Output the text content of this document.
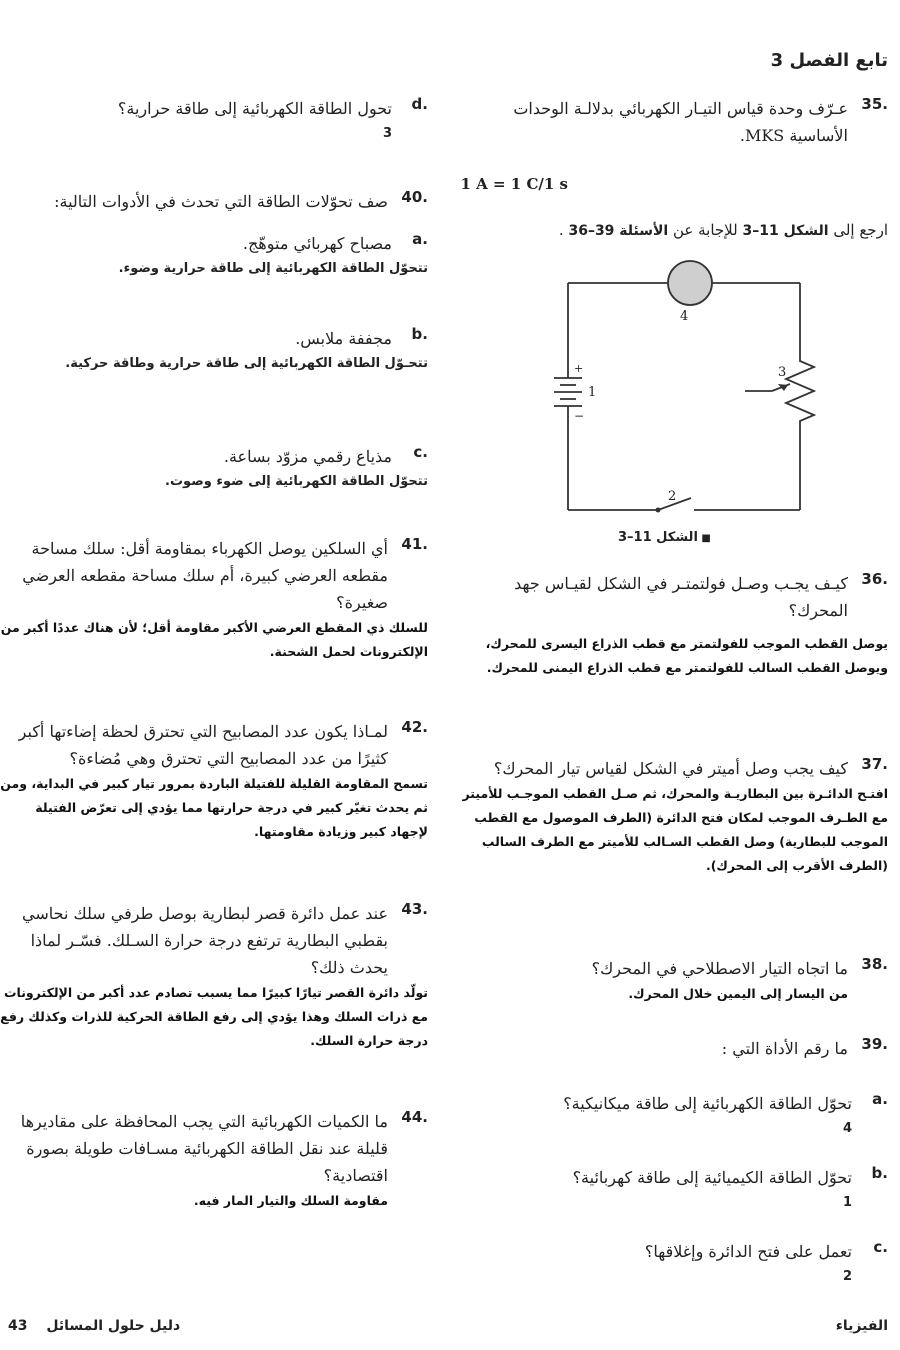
تابع الفصل 3
.35
عـرّف وحدة قياس التيـار الكهربائي بدلالـة الوحدات الأساسية MKS.
1 A = 1 C/1 s
ارجع إلى الشكل 11–3 للإجابة عن الأسئلة 39–36 .
.36
كيـف يجـب وصـل فولتمتـر في الشكل لقيـاس جهد المحرك؟
يوصل القطب الموجب للفولتمتر مع قطب الذراع اليسرى للمحرك، ويوصل القطب السالب للفولتمتر مع قطب الذراع اليمنى للمحرك.
.37
كيف يجب وصل أميتر في الشكل لقياس تيار المحرك؟
افتـح الدائـرة بين البطاريـة والمحرك، ثم صـل القطب الموجـب للأميتر مع الطـرف الموجب لمكان فتح الدائرة (الطرف الموصول مع القطب الموجب للبطارية) وصل القطب السـالب للأميتر مع الطرف السالب (الطرف الأقرب إلى المحرك).
.38
ما اتجاه التيار الاصطلاحي في المحرك؟
من اليسار إلى اليمين خلال المحرك.
.39
ما رقم الأداة التي :
.a
تحوّل الطاقة الكهربائية إلى طاقة ميكانيكية؟
4
.b
تحوّل الطاقة الكيميائية إلى طاقة كهربائية؟
1
.c
تعمل على فتح الدائرة وإغلاقها؟
2
4
3
1
2
+
−
■ الشكل 11–3
.d
تحول الطاقة الكهربائية إلى طاقة حرارية؟
3
.40
صف تحوّلات الطاقة التي تحدث في الأدوات التالية:
.a
مصباح كهربائي متوهّج.
تتحوّل الطاقة الكهربائية إلى طاقة حرارية وضوء.
.b
مجففة ملابس.
تتحـوّل الطاقة الكهربائية إلى طاقة حرارية وطاقة حركية.
.c
مذياع رقمي مزوّد بساعة.
تتحوّل الطاقة الكهربائية إلى ضوء وصوت.
.41
أي السلكين يوصل الكهرباء بمقاومة أقل: سلك مساحة مقطعه العرضي كبيرة، أم سلك مساحة مقطعه العرضي صغيرة؟
للسلك ذي المقطع العرضي الأكبر مقاومة أقل؛ لأن هناك عددًا أكبر من الإلكترونات لحمل الشحنة.
.42
لمـاذا يكون عدد المصابيح التي تحترق لحظة إضاءتها أكبر كثيرًا من عدد المصابيح التي تحترق وهي مُضاءة؟
تسمح المقاومة القليلة للفتيلة الباردة بمرور تيار كبير في البداية، ومن ثم يحدث تغيّر كبير في درجة حرارتها مما يؤدي إلى تعرّض الفتيلة لإجهاد كبير وزيادة مقاومتها.
.43
عند عمل دائرة قصر لبطارية بوصل طرفي سلك نحاسي بقطبي البطارية ترتفع درجة حرارة السـلك. فسّـر لماذا يحدث ذلك؟
تولّد دائرة القصر تيارًا كبيرًا مما يسبب تصادم عدد أكبر من الإلكترونات مع ذرات السلك وهذا يؤدي إلى رفع الطاقة الحركية للذرات وكذلك رفع درجة حرارة السلك.
.44
ما الكميات الكهربائية التي يجب المحافظة على مقاديرها قليلة عند نقل الطاقة الكهربائية مسـافات طويلة بصورة اقتصادية؟
مقاومة السلك والتيار المار فيه.
الفيزياء
43 دليل حلول المسائل
